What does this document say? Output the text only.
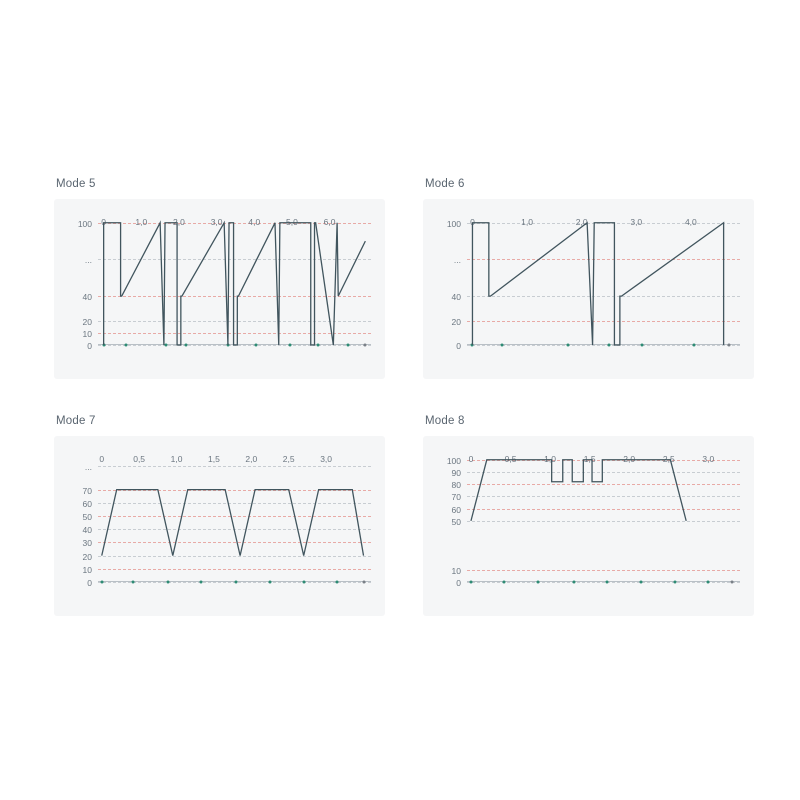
Mode 5
0
10
20
40
...
100 0	1,0	2,0	3,0	4,0	5,0	6,0
Mode 6
0
20
40
...
100 0	1,0	2,0	3,0	4,0
Mode 7
0
10
20
30
40
50
60
70
...
0	0,5	1,0	1,5	2,0	2,5	3,0
Mode 8
0
10
50
60
70
80
90
100 0	0,5	1,0	1,5	2,0	2,5	3,0
